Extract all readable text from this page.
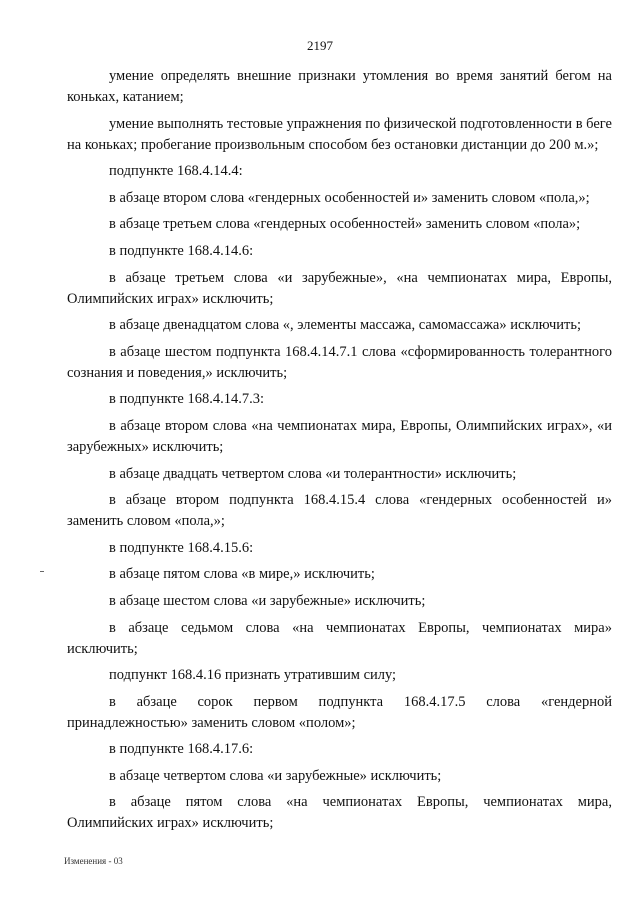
2197

умение определять внешние признаки утомления во время занятий бегом на коньках, катанием;

умение выполнять тестовые упражнения по физической подготовленности в беге на коньках; пробегание произвольным способом без остановки дистанции до 200 м.»;

подпункте 168.4.14.4:

в абзаце втором слова «гендерных особенностей и» заменить словом «пола,»;

в абзаце третьем слова «гендерных особенностей» заменить словом «пола»;

в подпункте 168.4.14.6:

в абзаце третьем слова «и зарубежные», «на чемпионатах мира, Европы, Олимпийских играх» исключить;

в абзаце двенадцатом слова «, элементы массажа, самомассажа» исключить;

в абзаце шестом подпункта 168.4.14.7.1 слова «сформированность толерантного сознания и поведения,» исключить;

в подпункте 168.4.14.7.3:

в абзаце втором слова «на чемпионатах мира, Европы, Олимпийских играх», «и зарубежных» исключить;

в абзаце двадцать четвертом слова «и толерантности» исключить;

в абзаце втором подпункта 168.4.15.4 слова «гендерных особенностей и» заменить словом «пола,»;

в подпункте 168.4.15.6:

в абзаце пятом слова «в мире,» исключить;

в абзаце шестом слова «и зарубежные» исключить;

в абзаце седьмом слова «на чемпионатах Европы, чемпионатах мира» исключить;

подпункт 168.4.16 признать утратившим силу;

в абзаце сорок первом подпункта 168.4.17.5 слова «гендерной принадлежностью» заменить словом «полом»;

в подпункте 168.4.17.6:

в абзаце четвертом слова «и зарубежные» исключить;

в абзаце пятом слова «на чемпионатах Европы, чемпионатах мира, Олимпийских играх» исключить;

Изменения - 03
